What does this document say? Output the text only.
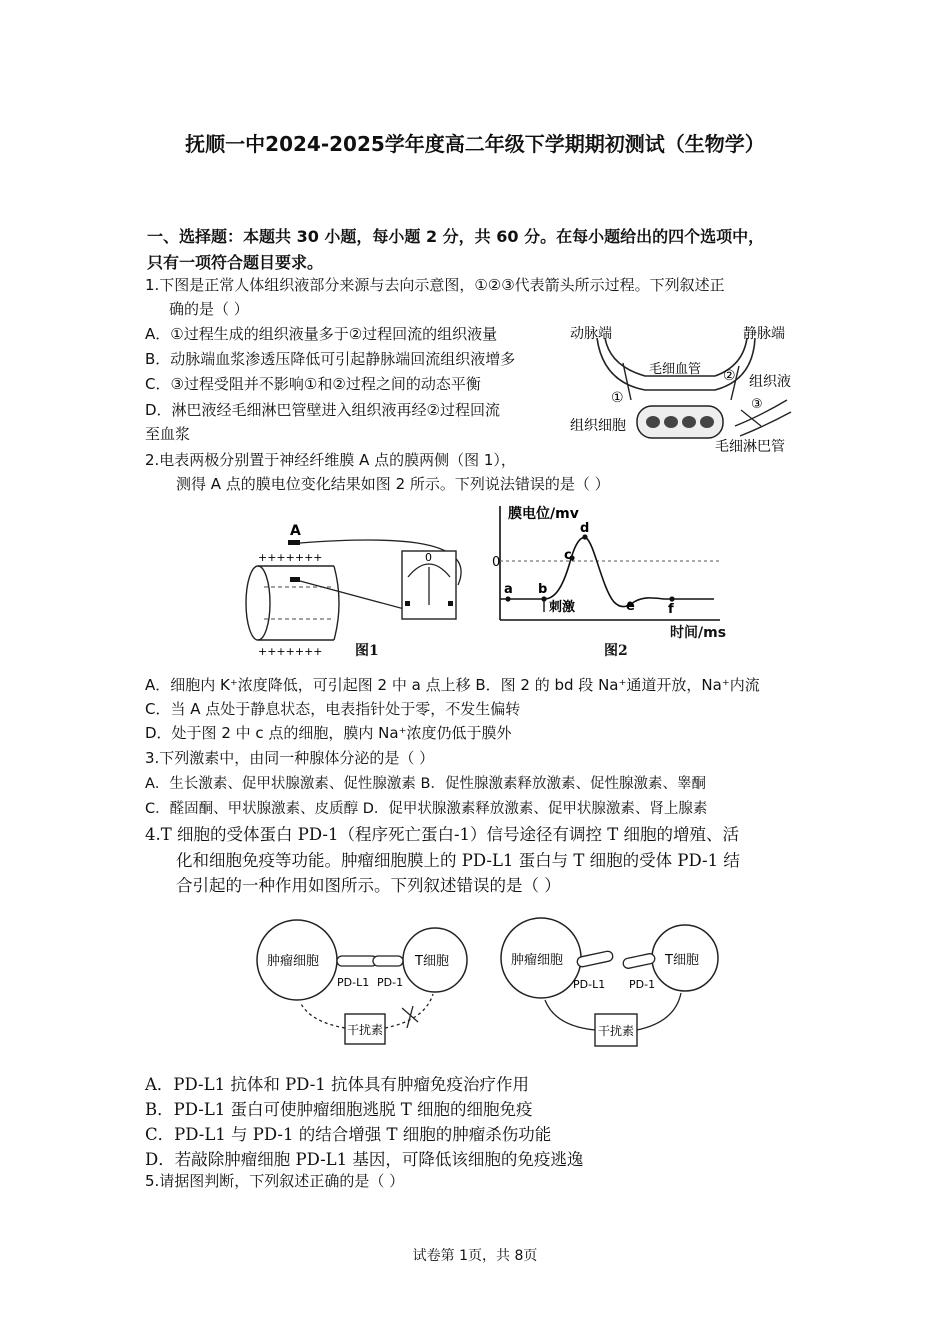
抚顺一中2024-2025学年度高二年级下学期期初测试（生物学）
一、选择题：本题共 30 小题，每小题 2 分，共 60 分。在每小题给出的四个选项中，
只有一项符合题目要求。
1.下图是正常人体组织液部分来源与去向示意图，①②③代表箭头所示过程。下列叙述正
确的是（ ）
A．①过程生成的组织液量多于②过程回流的组织液量
B．动脉端血浆渗透压降低可引起静脉端回流组织液增多
C．③过程受阻并不影响①和②过程之间的动态平衡
D．淋巴液经毛细淋巴管壁进入组织液再经②过程回流
至血浆
动脉端	静脉端
毛细血管
①
② 组织液
组织细胞
③
毛细淋巴管
2.电表两极分别置于神经纤维膜 A 点的膜两侧（图 1），
测得 A 点的膜电位变化结果如图 2 所示。下列说法错误的是（ ）
A
+++++++
+++++++
0
图1
膜电位/mv
0
a b
c
d
e	f
刺激
时间/ms
图2
A．细胞内 K⁺浓度降低，可引起图 2 中 a 点上移 B．图 2 的 bd 段 Na⁺通道开放，Na⁺内流
C．当 A 点处于静息状态，电表指针处于零，不发生偏转
D．处于图 2 中 c 点的细胞，膜内 Na⁺浓度仍低于膜外
3.下列激素中，由同一种腺体分泌的是（ ）
A．生长激素、促甲状腺激素、促性腺激素 B．促性腺激素释放激素、促性腺激素、睾酮
C．醛固酮、甲状腺激素、皮质醇 D．促甲状腺激素释放激素、促甲状腺激素、肾上腺素
4.T 细胞的受体蛋白 PD-1（程序死亡蛋白-1）信号途径有调控 T 细胞的增殖、活
化和细胞免疫等功能。肿瘤细胞膜上的 PD-L1 蛋白与 T 细胞的受体 PD-1 结
合引起的一种作用如图所示。下列叙述错误的是（ ）
肿瘤细胞	T细胞
PD-L1 PD-1
干扰素
肿瘤细胞	T细胞
PD-L1 PD-1
干扰素
A．PD-L1 抗体和 PD-1 抗体具有肿瘤免疫治疗作用
B．PD-L1 蛋白可使肿瘤细胞逃脱 T 细胞的细胞免疫
C．PD-L1 与 PD-1 的结合增强 T 细胞的肿瘤杀伤功能
D．若敲除肿瘤细胞 PD-L1 基因，可降低该细胞的免疫逃逸
5.请据图判断，下列叙述正确的是（ ）
试卷第 1页，共 8页
